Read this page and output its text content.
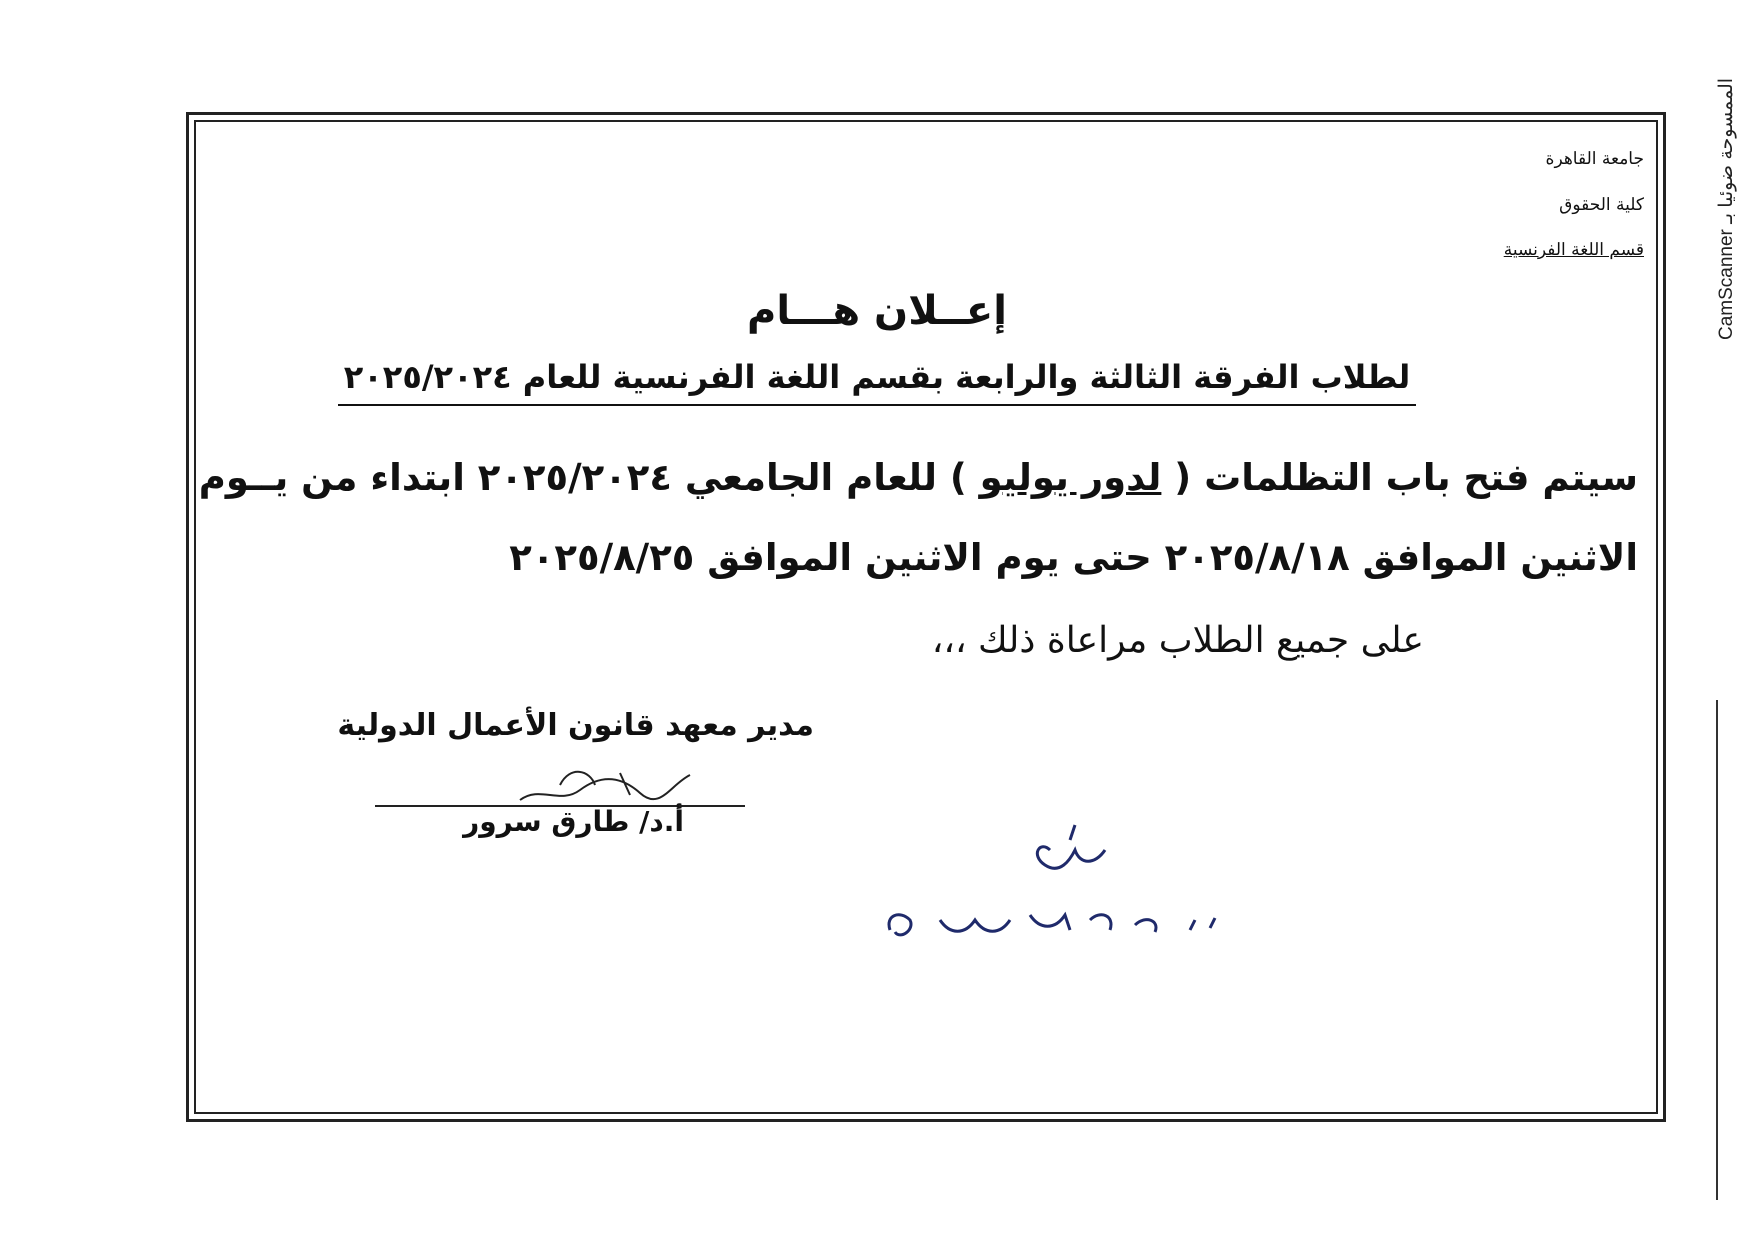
CamScanner الممسوحة ضوئيا بـ
جامعة القاهرة
كلية الحقوق
قسم اللغة الفرنسية
إعــلان هـــام
لطلاب الفرقة الثالثة والرابعة بقسم اللغة الفرنسية للعام ٢٠٢٥/٢٠٢٤
سيتم فتح باب التظلمات ( لدور يوليو ) للعام الجامعي ٢٠٢٥/٢٠٢٤ ابتداء من يــوم
الاثنين الموافق ٢٠٢٥/٨/١٨ حتى يوم الاثنين الموافق ٢٠٢٥/٨/٢٥
على جميع الطلاب مراعاة ذلك ،،،
مدير معهد قانون الأعمال الدولية
أ.د/ طارق سرور
